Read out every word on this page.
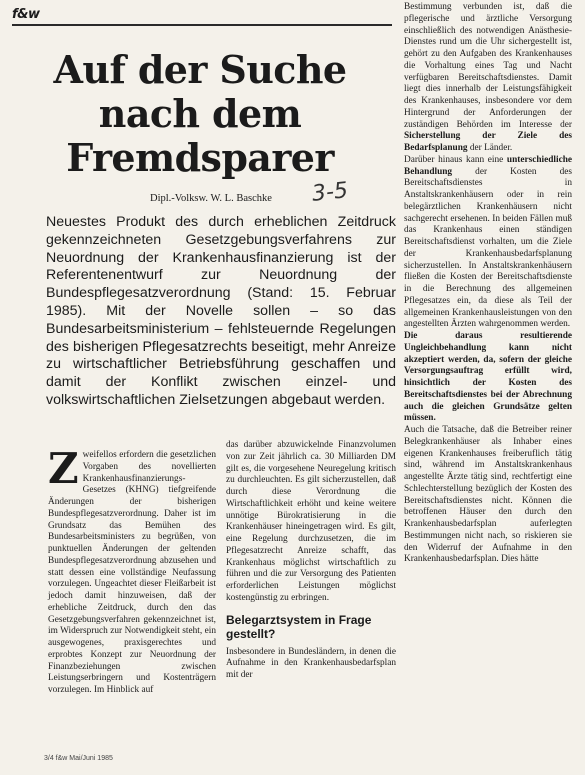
f&w
Auf der Suche
nach dem
Fremdsparer
Dipl.-Volksw. W. L. Baschke	3-5
Neuestes Produkt des durch erheblichen Zeitdruck gekennzeichneten Gesetzgebungsverfahrens zur Neuordnung der Krankenhausfinanzierung ist der Referentenentwurf zur Neuordnung der Bundespflegesatzverordnung (Stand: 15. Februar 1985). Mit der Novelle sollen – so das Bundesarbeitsministerium – fehlsteuernde Regelungen des bisherigen Pflegesatzrechts beseitigt, mehr Anreize zu wirtschaftlicher Betriebsführung geschaffen und damit der Konflikt zwischen einzel- und volkswirtschaftlichen Zielsetzungen abgebaut werden.
Z weifellos erfordern die gesetzlichen Vorgaben des novellierten Krankenhausfinanzierungs-Gesetzes (KHNG) tiefgreifende Änderungen der bisherigen Bundespflegesatzverordnung. Daher ist im Grundsatz das Bemühen des Bundesarbeitsministers zu begrüßen, von punktuellen Änderungen der geltenden Bundespflegesatzverordnung abzusehen und statt dessen eine vollständige Neufassung vorzulegen. Ungeachtet dieser Fleißarbeit ist jedoch damit hinzuweisen, daß der erhebliche Zeitdruck, durch den das Gesetzgebungsverfahren gekennzeichnet ist, im Widerspruch zur Notwendigkeit steht, ein ausgewogenes, praxisgerechtes und erprobtes Konzept zur Neuordnung der Finanzbeziehungen zwischen Leistungserbringern und Kostenträgern vorzulegen. Im Hinblick auf
das darüber abzuwickelnde Finanzvolumen von zur Zeit jährlich ca. 30 Milliarden DM gilt es, die vorgesehene Neuregelung kritisch zu durchleuchten. Es gilt sicherzustellen, daß durch diese Verordnung die Wirtschaftlichkeit erhöht und keine weitere unnötige Bürokratisierung in die Krankenhäuser hineingetragen wird. Es gilt, eine Regelung durchzusetzen, die im Pflegesatzrecht Anreize schafft, das Krankenhaus möglichst wirtschaftlich zu führen und die zur Versorgung des Patienten erforderlichen Leistungen möglichst kostengünstig zu erbringen.
Belegarztsystem in Frage gestellt?
Insbesondere in Bundesländern, in denen die Aufnahme in den Krankenhausbedarfsplan mit der
Bestimmung verbunden ist, daß die pflegerische und ärztliche Versorgung einschließlich des notwendigen Anästhesie-Dienstes rund um die Uhr sichergestellt ist, gehört zu den Aufgaben des Krankenhauses die Vorhaltung eines Tag und Nacht verfügbaren Bereitschaftsdienstes. Damit liegt dies innerhalb der Leistungsfähigkeit des Krankenhauses, insbesondere vor dem Hintergrund der Anforderungen der zuständigen Behörden im Interesse der Sicherstellung der Ziele des Bedarfsplanung der Länder.
Darüber hinaus kann eine unterschiedliche Behandlung der Kosten des Bereitschaftsdienstes in Anstaltskrankenhäusern oder in rein belegärztlichen Krankenhäusern nicht sachgerecht ersehenen. In beiden Fällen muß das Krankenhaus einen ständigen Bereitschaftsdienst vorhalten, um die Ziele der Krankenhausbedarfsplanung sicherzustellen. In Anstaltskrankenhäusern fließen die Kosten der Bereitschaftsdienste in die Berechnung des allgemeinen Pflegesatzes ein, da diese als Teil der allgemeinen Krankenhausleistungen von den angestellten Ärzten wahrgenommen werden.
Die daraus resultierende Ungleichbehandlung kann nicht akzeptiert werden, da, sofern der gleiche Versorgungsauftrag erfüllt wird, hinsichtlich der Kosten des Bereitschaftsdienstes bei der Abrechnung auch die gleichen Grundsätze gelten müssen.
Auch die Tatsache, daß die Betreiber reiner Belegkrankenhäuser als Inhaber eines eigenen Krankenhauses freiberuflich tätig sind, während im Anstaltskrankenhaus angestellte Ärzte tätig sind, rechtfertigt eine Schlechterstellung bezüglich der Kosten des Bereitschaftsdienstes nicht. Können die betroffenen Häuser den durch den Krankenhausbedarfsplan auferlegten Bestimmungen nicht nach, so riskieren sie den Widerruf der Aufnahme in den Krankenhausbedarfsplan. Dies hätte
3/4 f&w Mai/Juni 1985
